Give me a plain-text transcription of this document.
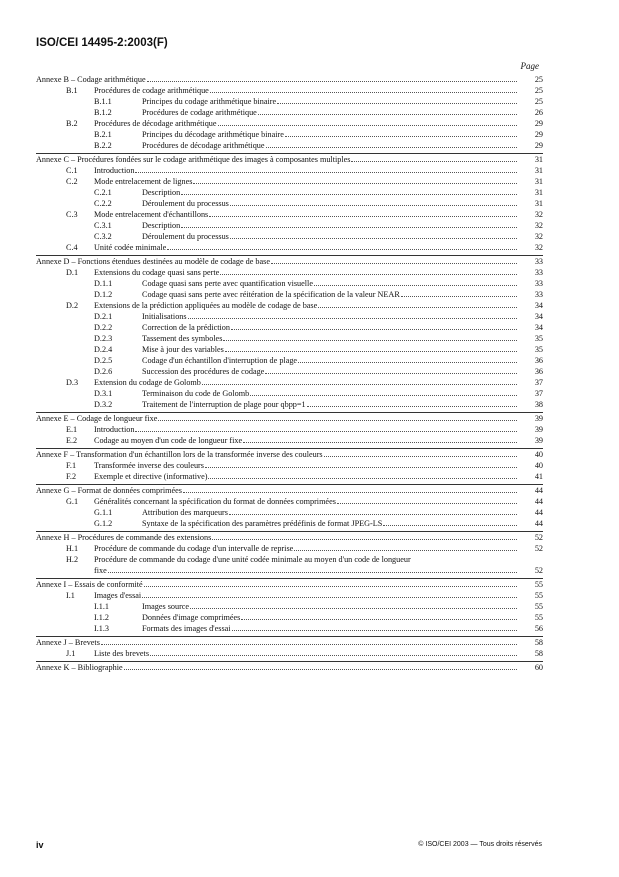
ISO/CEI 14495-2:2003(F)
Page
Annexe B – Codage arithmétique	25
B.1	Procédures de codage arithmétique	25
B.1.1	Principes du codage arithmétique binaire	25
B.1.2	Procédures de codage arithmétique	26
B.2	Procédures de décodage arithmétique	29
B.2.1	Principes du décodage arithmétique binaire	29
B.2.2	Procédures de décodage arithmétique	29
Annexe C – Procédures fondées sur le codage arithmétique des images à composantes multiples	31
C.1	Introduction	31
C.2	Mode entrelacement de lignes	31
C.2.1	Description	31
C.2.2	Déroulement du processus	31
C.3	Mode entrelacement d'échantillons	32
C.3.1	Description	32
C.3.2	Déroulement du processus	32
C.4	Unité codée minimale	32
Annexe D – Fonctions étendues destinées au modèle de codage de base	33
D.1	Extensions du codage quasi sans perte	33
D.1.1	Codage quasi sans perte avec quantification visuelle	33
D.1.2	Codage quasi sans perte avec réitération de la spécification de la valeur NEAR	33
D.2	Extensions de la prédiction appliquées au modèle de codage de base	34
D.2.1	Initialisations	34
D.2.2	Correction de la prédiction	34
D.2.3	Tassement des symboles	35
D.2.4	Mise à jour des variables	35
D.2.5	Codage d'un échantillon d'interruption de plage	36
D.2.6	Succession des procédures de codage	36
D.3	Extension du codage de Golomb	37
D.3.1	Terminaison du code de Golomb	37
D.3.2	Traitement de l'interruption de plage pour qbpp=1	38
Annexe E – Codage de longueur fixe	39
E.1	Introduction	39
E.2	Codage au moyen d'un code de longueur fixe	39
Annexe F – Transformation d'un échantillon lors de la transformée inverse des couleurs	40
F.1	Transformée inverse des couleurs	40
F.2	Exemple et directive (informative)	41
Annexe G – Format de données comprimées	44
G.1	Généralités concernant la spécification du format de données comprimées	44
G.1.1	Attribution des marqueurs	44
G.1.2	Syntaxe de la spécification des paramètres prédéfinis de format JPEG-LS	44
Annexe H – Procédures de commande des extensions	52
H.1	Procédure de commande du codage d'un intervalle de reprise	52
H.2	Procédure de commande du codage d'une unité codée minimale au moyen d'un code de longueur
fixe	52
Annexe I – Essais de conformité	55
I.1	Images d'essai	55
I.1.1	Images source	55
I.1.2	Données d'image comprimées	55
I.1.3	Formats des images d'essai	56
Annexe J – Brevets	58
J.1	Liste des brevets	58
Annexe K – Bibliographie	60
iv	© ISO/CEI 2003 — Tous droits réservés
